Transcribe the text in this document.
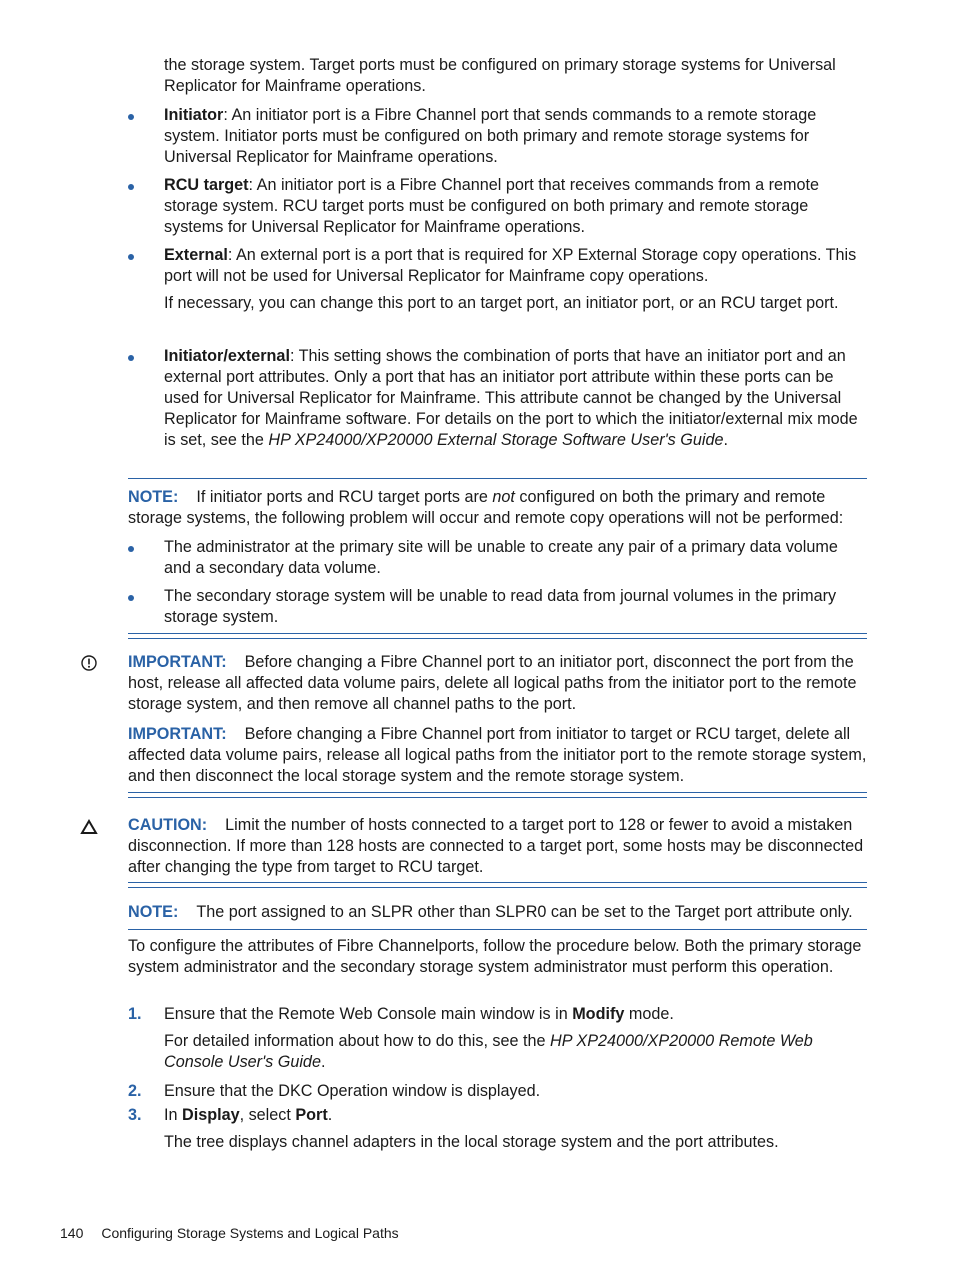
the storage system. Target ports must be configured on primary storage systems for Universal Replicator for Mainframe operations.

Initiator: An initiator port is a Fibre Channel port that sends commands to a remote storage system. Initiator ports must be configured on both primary and remote storage systems for Universal Replicator for Mainframe operations.

RCU target: An initiator port is a Fibre Channel port that receives commands from a remote storage system. RCU target ports must be configured on both primary and remote storage systems for Universal Replicator for Mainframe operations.

External: An external port is a port that is required for XP External Storage copy operations. This port will not be used for Universal Replicator for Mainframe copy operations.

If necessary, you can change this port to an target port, an initiator port, or an RCU target port.

Initiator/external: This setting shows the combination of ports that have an initiator port and an external port attributes. Only a port that has an initiator port attribute within these ports can be used for Universal Replicator for Mainframe. This attribute cannot be changed by the Universal Replicator for Mainframe software. For details on the port to which the initiator/external mix mode is set, see the HP XP24000/XP20000 External Storage Software User's Guide.

NOTE: If initiator ports and RCU target ports are not configured on both the primary and remote storage systems, the following problem will occur and remote copy operations will not be performed:

The administrator at the primary site will be unable to create any pair of a primary data volume and a secondary data volume.

The secondary storage system will be unable to read data from journal volumes in the primary storage system.

IMPORTANT: Before changing a Fibre Channel port to an initiator port, disconnect the port from the host, release all affected data volume pairs, delete all logical paths from the initiator port to the remote storage system, and then remove all channel paths to the port.

IMPORTANT: Before changing a Fibre Channel port from initiator to target or RCU target, delete all affected data volume pairs, release all logical paths from the initiator port to the remote storage system, and then disconnect the local storage system and the remote storage system.

CAUTION: Limit the number of hosts connected to a target port to 128 or fewer to avoid a mistaken disconnection. If more than 128 hosts are connected to a target port, some hosts may be disconnected after changing the type from target to RCU target.

NOTE: The port assigned to an SLPR other than SLPR0 can be set to the Target port attribute only.

To configure the attributes of Fibre Channelports, follow the procedure below. Both the primary storage system administrator and the secondary storage system administrator must perform this operation.

1. Ensure that the Remote Web Console main window is in Modify mode.

For detailed information about how to do this, see the HP XP24000/XP20000 Remote Web Console User's Guide.

2. Ensure that the DKC Operation window is displayed.

3. In Display, select Port.

The tree displays channel adapters in the local storage system and the port attributes.

140 Configuring Storage Systems and Logical Paths
